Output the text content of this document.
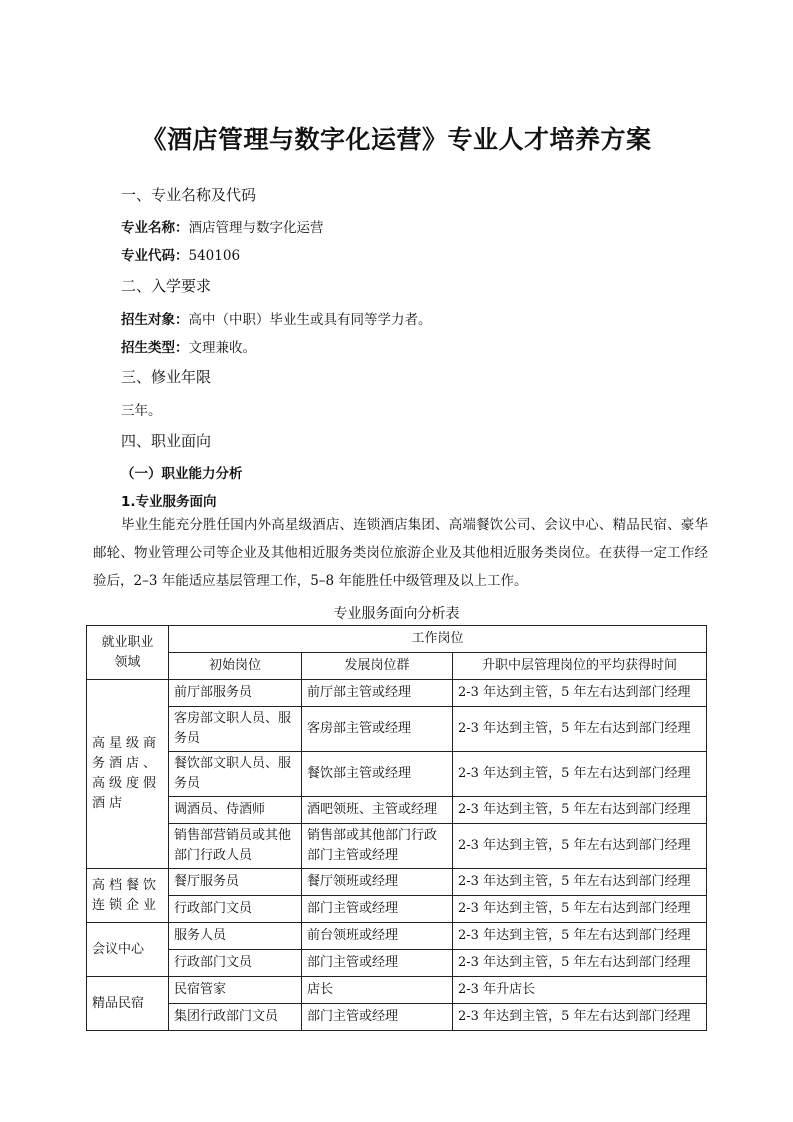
《酒店管理与数字化运营》专业人才培养方案
一、专业名称及代码
专业名称：酒店管理与数字化运营
专业代码：540106
二、入学要求
招生对象：高中（中职）毕业生或具有同等学力者。
招生类型：文理兼收。
三、修业年限
三年。
四、职业面向
（一）职业能力分析
1.专业服务面向
毕业生能充分胜任国内外高星级酒店、连锁酒店集团、高端餐饮公司、会议中心、精品民宿、豪华邮轮、物业管理公司等企业及其他相近服务类岗位旅游企业及其他相近服务类岗位。在获得一定工作经验后，2–3 年能适应基层管理工作，5–8 年能胜任中级管理及以上工作。
专业服务面向分析表
就业职业领域	工作岗位		
	初始岗位	发展岗位群	升职中层管理岗位的平均获得时间
高星级商务酒店、高级度假酒店	前厅部服务员	前厅部主管或经理	2-3 年达到主管，5 年左右达到部门经理
	客房部文职人员、服务员	客房部主管或经理	2-3 年达到主管，5 年左右达到部门经理
	餐饮部文职人员、服务员	餐饮部主管或经理	2-3 年达到主管，5 年左右达到部门经理
	调酒员、侍酒师	酒吧领班、主管或经理	2-3 年达到主管，5 年左右达到部门经理
	销售部营销员或其他部门行政人员	销售部或其他部门行政部门主管或经理	2-3 年达到主管，5 年左右达到部门经理
高档餐饮连锁企业	餐厅服务员	餐厅领班或经理	2-3 年达到主管，5 年左右达到部门经理
	行政部门文员	部门主管或经理	2-3 年达到主管，5 年左右达到部门经理
会议中心	服务人员	前台领班或经理	2-3 年达到主管，5 年左右达到部门经理
	行政部门文员	部门主管或经理	2-3 年达到主管，5 年左右达到部门经理
精品民宿	民宿管家	店长	2-3 年升店长
	集团行政部门文员	部门主管或经理	2-3 年达到主管，5 年左右达到部门经理
